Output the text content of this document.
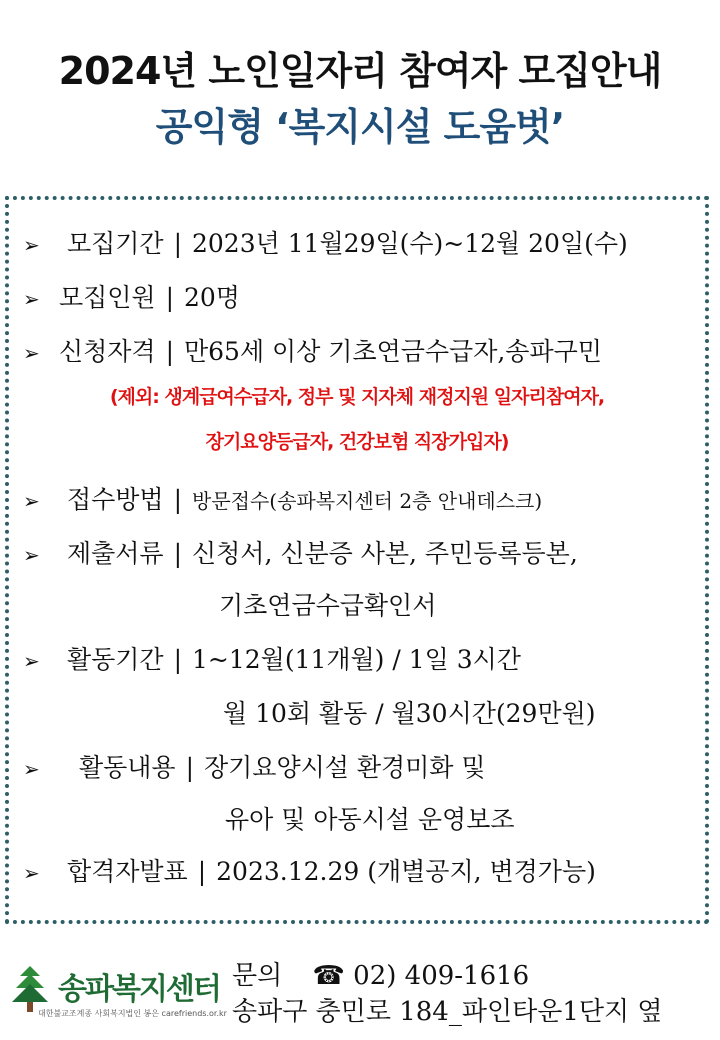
2024년 노인일자리 참여자 모집안내
공익형 ‘복지시설 도움벗’
➢ 모집기간 | 2023년 11월29일(수)~12월 20일(수)
➢ 모집인원 | 20명
➢ 신청자격 | 만65세 이상 기초연금수급자,송파구민
(제외: 생계급여수급자, 정부 및 지자체 재정지원 일자리참여자,
장기요양등급자, 건강보험 직장가입자)
➢ 접수방법 | 방문접수(송파복지센터 2층 안내데스크)
➢ 제출서류 | 신청서, 신분증 사본, 주민등록등본,
기초연금수급확인서
➢ 활동기간 | 1~12월(11개월) / 1일 3시간
월 10회 활동 / 월30시간(29만원)
➢ 활동내용 | 장기요양시설 환경미화 및
유아 및 아동시설 운영보조
➢ 합격자발표 | 2023.12.29 (개별공지, 변경가능)
송파복지센터
대한불교조계종 사회복지법인 봉은 carefriends.or.kr
문의 ☎ 02) 409-1616
송파구 충민로 184_파인타운1단지 옆
